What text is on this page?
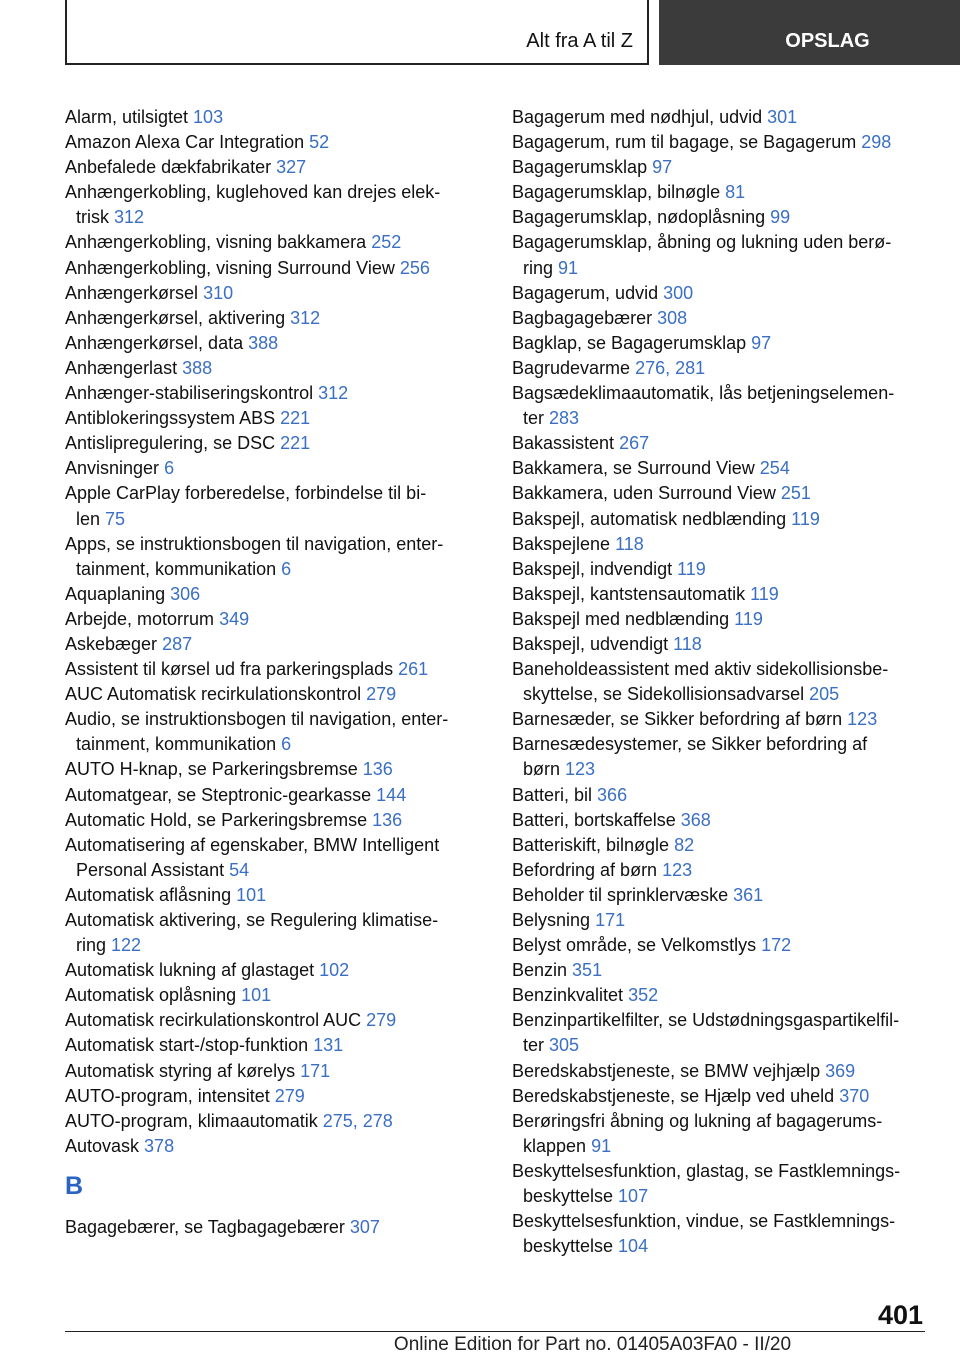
Alt fra A til Z	OPSLAG
Alarm, utilsigtet 103
Amazon Alexa Car Integration 52
Anbefalede dækfabrikater 327
Anhængerkobling, kuglehoved kan drejes elek-
trisk 312
Anhængerkobling, visning bakkamera 252
Anhængerkobling, visning Surround View 256
Anhængerkørsel 310
Anhængerkørsel, aktivering 312
Anhængerkørsel, data 388
Anhængerlast 388
Anhænger-stabiliseringskontrol 312
Antiblokeringssystem ABS 221
Antislipregulering, se DSC 221
Anvisninger 6
Apple CarPlay forberedelse, forbindelse til bi-
len 75
Apps, se instruktionsbogen til navigation, enter-
tainment, kommunikation 6
Aquaplaning 306
Arbejde, motorrum 349
Askebæger 287
Assistent til kørsel ud fra parkeringsplads 261
AUC Automatisk recirkulationskontrol 279
Audio, se instruktionsbogen til navigation, enter-
tainment, kommunikation 6
AUTO H-knap, se Parkeringsbremse 136
Automatgear, se Steptronic-gearkasse 144
Automatic Hold, se Parkeringsbremse 136
Automatisering af egenskaber, BMW Intelligent
Personal Assistant 54
Automatisk aflåsning 101
Automatisk aktivering, se Regulering klimatise-
ring 122
Automatisk lukning af glastaget 102
Automatisk oplåsning 101
Automatisk recirkulationskontrol AUC 279
Automatisk start-/stop-funktion 131
Automatisk styring af kørelys 171
AUTO-program, intensitet 279
AUTO-program, klimaautomatik 275, 278
Autovask 378
B
Bagagebærer, se Tagbagagebærer 307
Bagagerum med nødhjul, udvid 301
Bagagerum, rum til bagage, se Bagagerum 298
Bagagerumsklap 97
Bagagerumsklap, bilnøgle 81
Bagagerumsklap, nødoplåsning 99
Bagagerumsklap, åbning og lukning uden berø-
ring 91
Bagagerum, udvid 300
Bagbagagebærer 308
Bagklap, se Bagagerumsklap 97
Bagrudevarme 276, 281
Bagsædeklimaautomatik, lås betjeningselemen-
ter 283
Bakassistent 267
Bakkamera, se Surround View 254
Bakkamera, uden Surround View 251
Bakspejl, automatisk nedblænding 119
Bakspejlene 118
Bakspejl, indvendigt 119
Bakspejl, kantstensautomatik 119
Bakspejl med nedblænding 119
Bakspejl, udvendigt 118
Baneholdeassistent med aktiv sidekollisionsbe-
skyttelse, se Sidekollisionsadvarsel 205
Barnesæder, se Sikker befordring af børn 123
Barnesædesystemer, se Sikker befordring af
børn 123
Batteri, bil 366
Batteri, bortskaffelse 368
Batteriskift, bilnøgle 82
Befordring af børn 123
Beholder til sprinklervæske 361
Belysning 171
Belyst område, se Velkomstlys 172
Benzin 351
Benzinkvalitet 352
Benzinpartikelfilter, se Udstødningsgaspartikelfil-
ter 305
Beredskabstjeneste, se BMW vejhjælp 369
Beredskabstjeneste, se Hjælp ved uheld 370
Berøringsfri åbning og lukning af bagagerums-
klappen 91
Beskyttelsesfunktion, glastag, se Fastklemnings-
beskyttelse 107
Beskyttelsesfunktion, vindue, se Fastklemnings-
beskyttelse 104
401
Online Edition for Part no. 01405A03FA0 - II/20
